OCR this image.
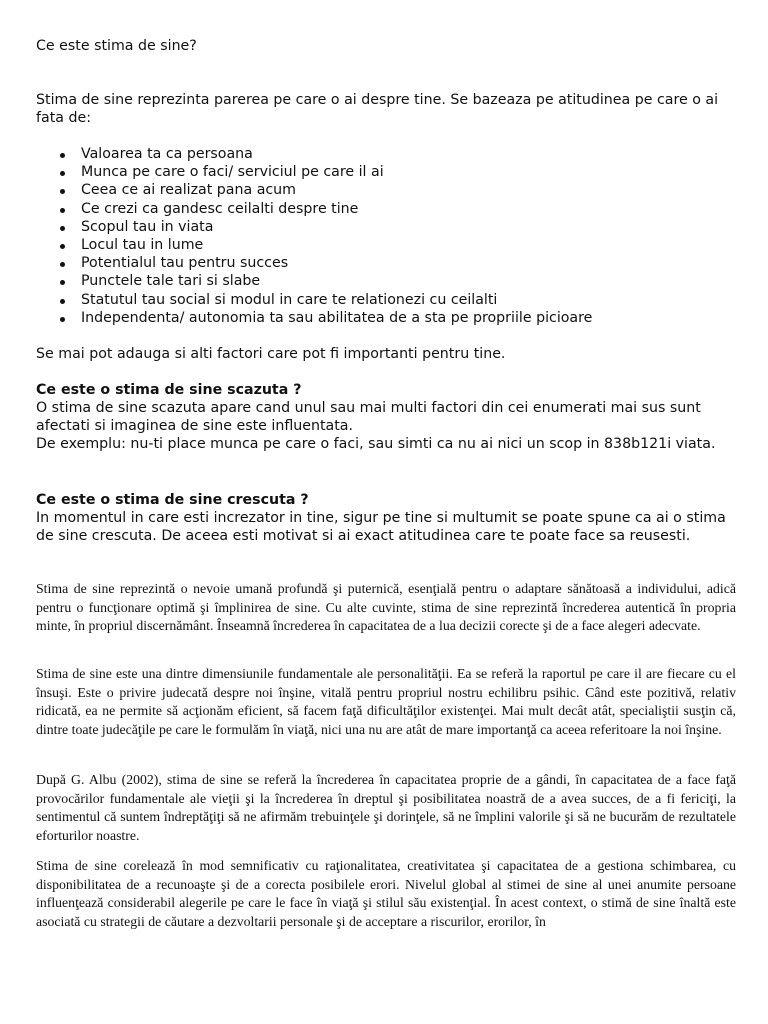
Ce este stima de sine?

Stima de sine reprezinta parerea pe care o ai despre tine. Se bazeaza pe atitudinea pe care o ai fata de:

Valoarea ta ca persoana
Munca pe care o faci/ serviciul pe care il ai
Ceea ce ai realizat pana acum
Ce crezi ca gandesc ceilalti despre tine
Scopul tau in viata
Locul tau in lume
Potentialul tau pentru succes
Punctele tale tari si slabe
Statutul tau social si modul in care te relationezi cu ceilalti
Independenta/ autonomia ta sau abilitatea de a sta pe propriile picioare

Se mai pot adauga si alti factori care pot fi importanti pentru tine.

Ce este o stima de sine scazuta ?

O stima de sine scazuta apare cand unul sau mai multi factori din cei enumerati mai sus sunt afectati si imaginea de sine este influentata.

De exemplu: nu-ti place munca pe care o faci, sau simti ca nu ai nici un scop in 838b121i viata.

Ce este o stima de sine crescuta ?

In momentul in care esti increzator in tine, sigur pe tine si multumit se poate spune ca ai o stima de sine crescuta. De aceea esti motivat si ai exact atitudinea care te poate face sa reusesti.

Stima de sine reprezintă o nevoie umană profundă şi puternică, esenţială pentru o adaptare sănătoasă a individului, adică pentru o funcţionare optimă şi împlinirea de sine. Cu alte cuvinte, stima de sine reprezintă încrederea autentică în propria minte, în propriul discernământ. Înseamnă încrederea în capacitatea de a lua decizii corecte şi de a face alegeri adecvate.

Stima de sine este una dintre dimensiunile fundamentale ale personalităţii. Ea se referă la raportul pe care il are fiecare cu el însuşi. Este o privire judecată despre noi înşine, vitală pentru propriul nostru echilibru psihic. Când este pozitivă, relativ ridicată, ea ne permite să acţionăm eficient, să facem faţă dificultăţilor existenţei. Mai mult decât atât, specialiştii susţin că, dintre toate judecăţile pe care le formulăm în viaţă, nici una nu are atât de mare importanţă ca aceea referitoare la noi înşine.

După G. Albu (2002), stima de sine se referă la încrederea în capacitatea proprie de a gândi, în capacitatea de a face faţă provocărilor fundamentale ale vieţii şi la încrederea în dreptul şi posibilitatea noastră de a avea succes, de a fi fericiţi, la sentimentul că suntem îndreptăţiţi să ne afirmăm trebuinţele şi dorinţele, să ne împlini valorile şi să ne bucurăm de rezultatele eforturilor noastre.

Stima de sine corelează în mod semnificativ cu raţionalitatea, creativitatea şi capacitatea de a gestiona schimbarea, cu disponibilitatea de a recunoaşte şi de a corecta posibilele erori. Nivelul global al stimei de sine al unei anumite persoane influenţează considerabil alegerile pe care le face în viaţă şi stilul său existenţial. În acest context, o stimă de sine înaltă este asociată cu strategii de căutare a dezvoltarii personale şi de acceptare a riscurilor, erorilor, în
